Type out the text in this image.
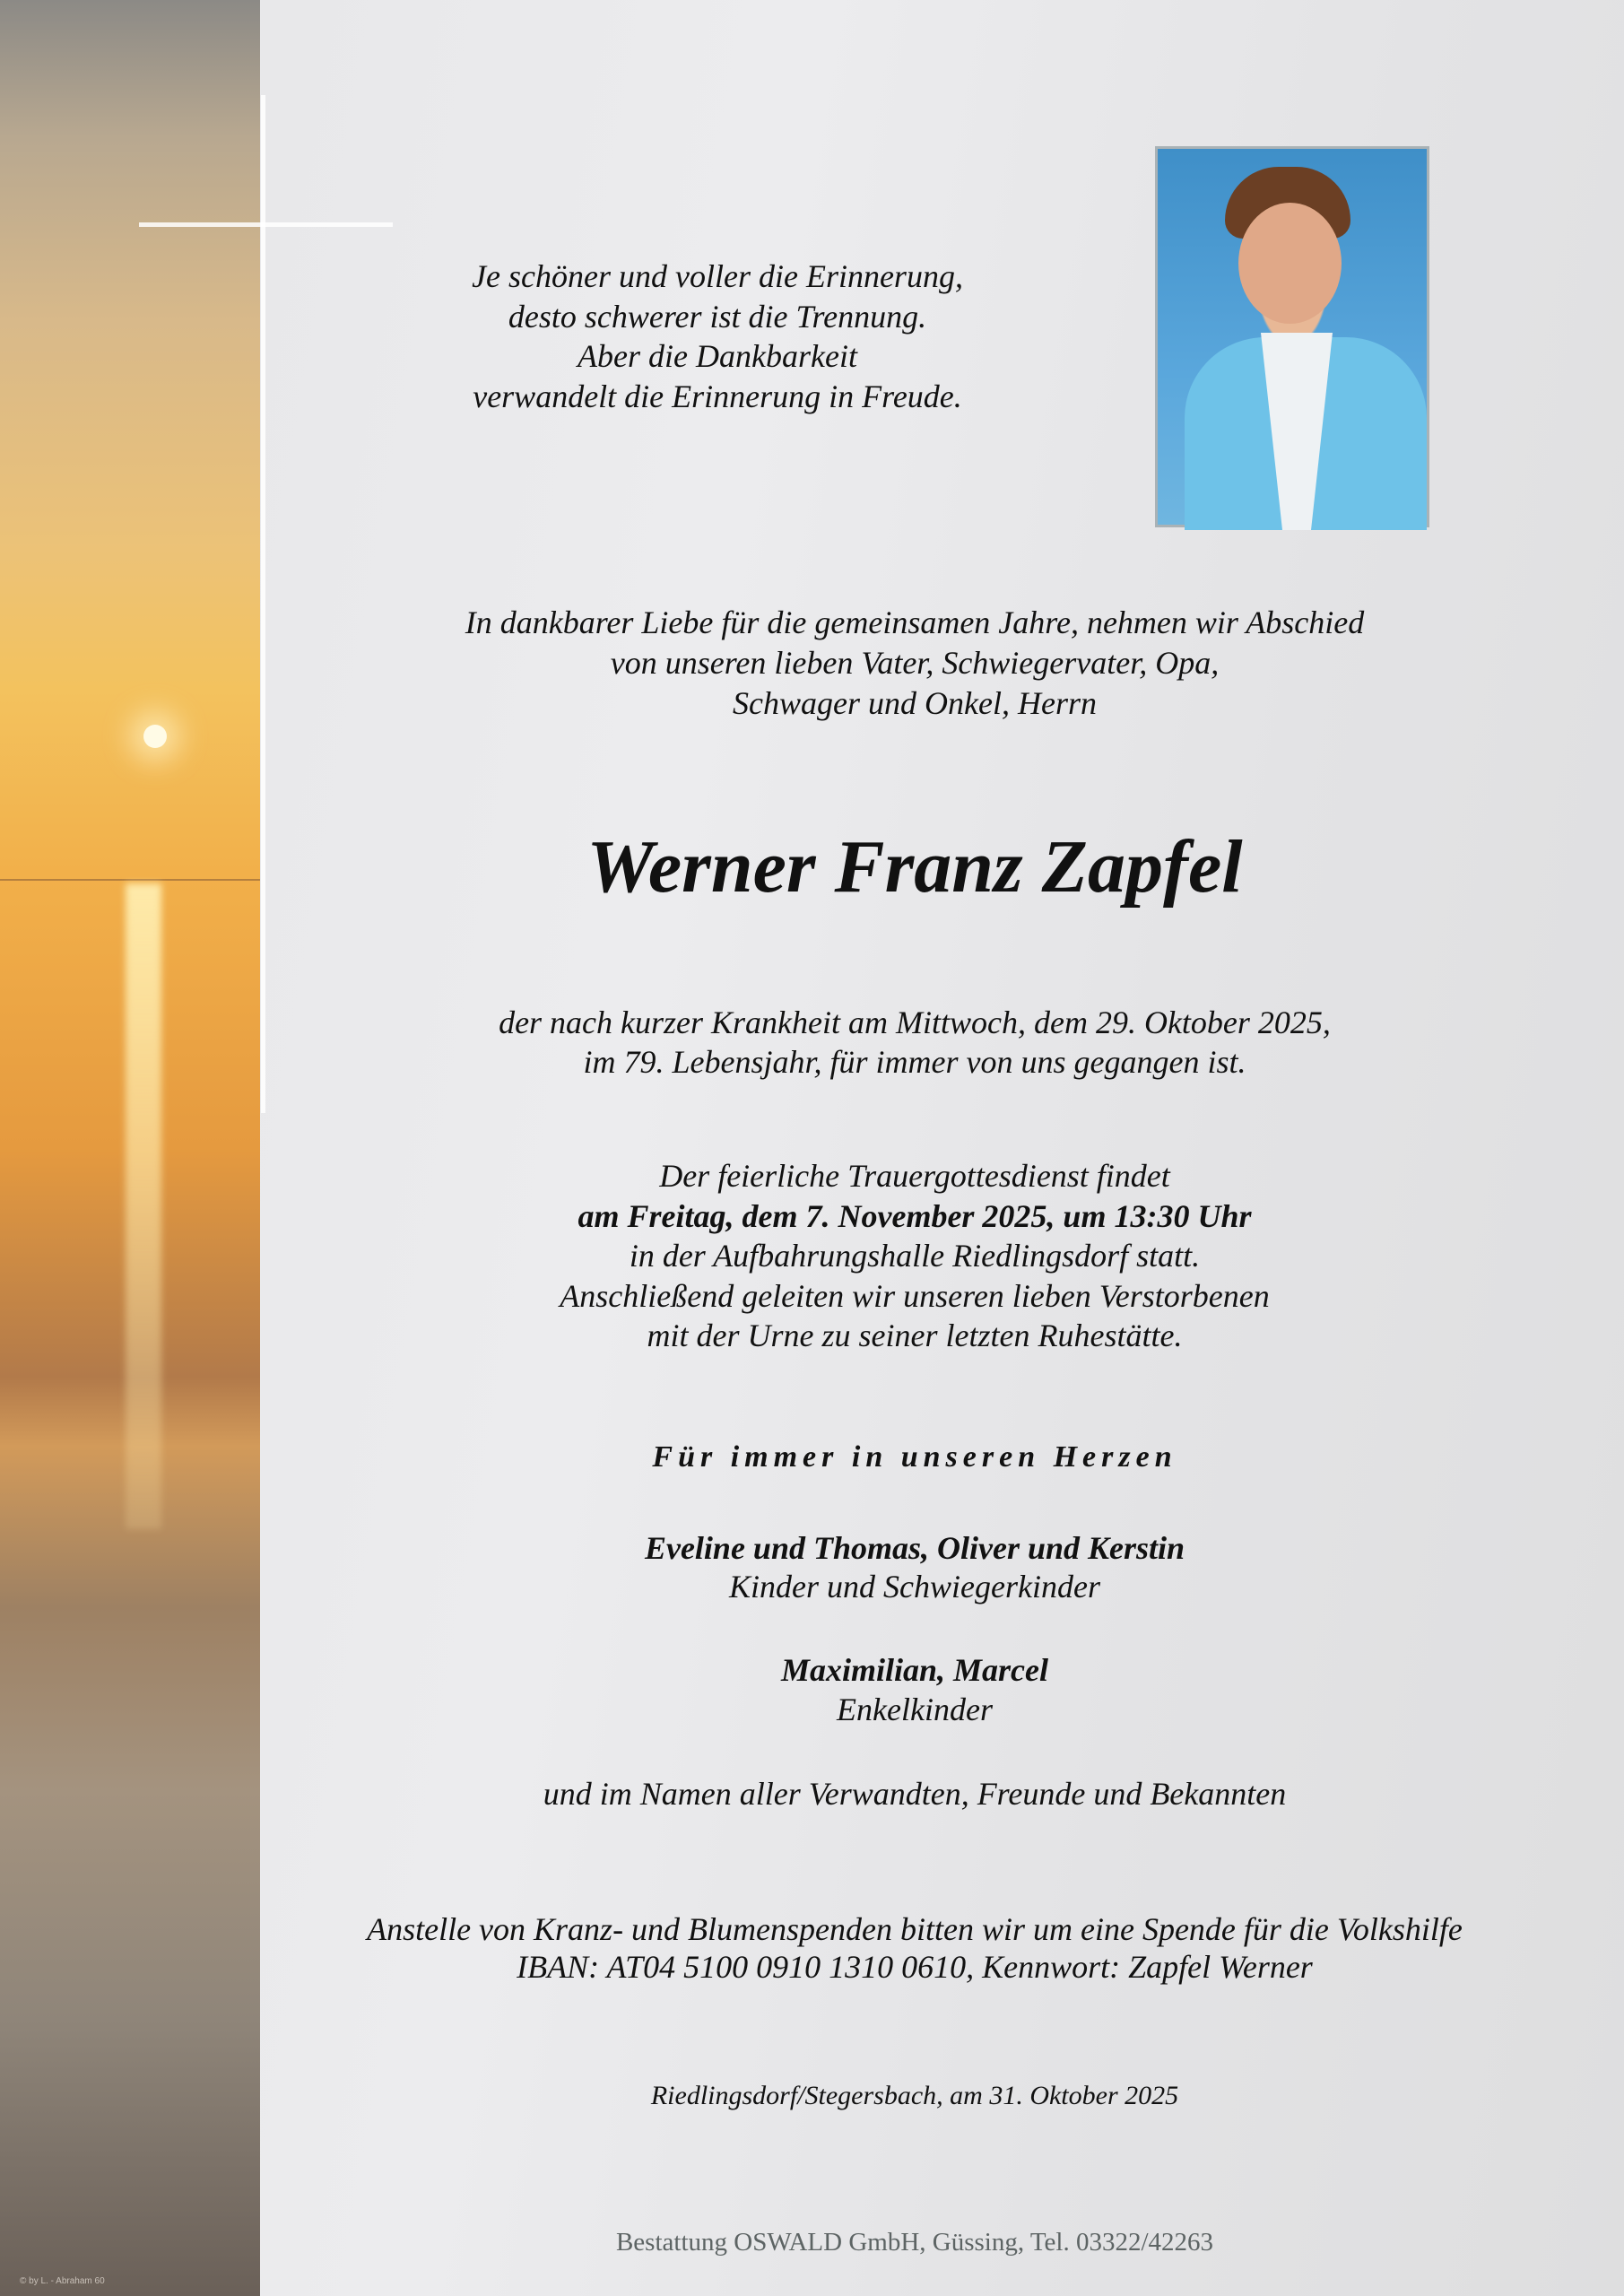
© by L. - Abraham 60
Je schöner und voller die Erinnerung,
desto schwerer ist die Trennung.
Aber die Dankbarkeit
verwandelt die Erinnerung in Freude.
In dankbarer Liebe für die gemeinsamen Jahre, nehmen wir Abschied
von unseren lieben Vater, Schwiegervater, Opa,
Schwager und Onkel, Herrn
Werner Franz Zapfel
der nach kurzer Krankheit am Mittwoch, dem 29. Oktober 2025,
im 79. Lebensjahr, für immer von uns gegangen ist.
Der feierliche Trauergottesdienst findet
am Freitag, dem 7. November 2025, um 13:30 Uhr
in der Aufbahrungshalle Riedlingsdorf statt.
Anschließend geleiten wir unseren lieben Verstorbenen
mit der Urne zu seiner letzten Ruhestätte.
Für immer in unseren Herzen
Eveline und Thomas, Oliver und Kerstin
Kinder und Schwiegerkinder
Maximilian, Marcel
Enkelkinder
und im Namen aller Verwandten, Freunde und Bekannten
Anstelle von Kranz- und Blumenspenden bitten wir um eine Spende für die Volkshilfe
IBAN: AT04 5100 0910 1310 0610, Kennwort: Zapfel Werner
Riedlingsdorf/Stegersbach, am 31. Oktober 2025
Bestattung OSWALD GmbH, Güssing, Tel. 03322/42263
